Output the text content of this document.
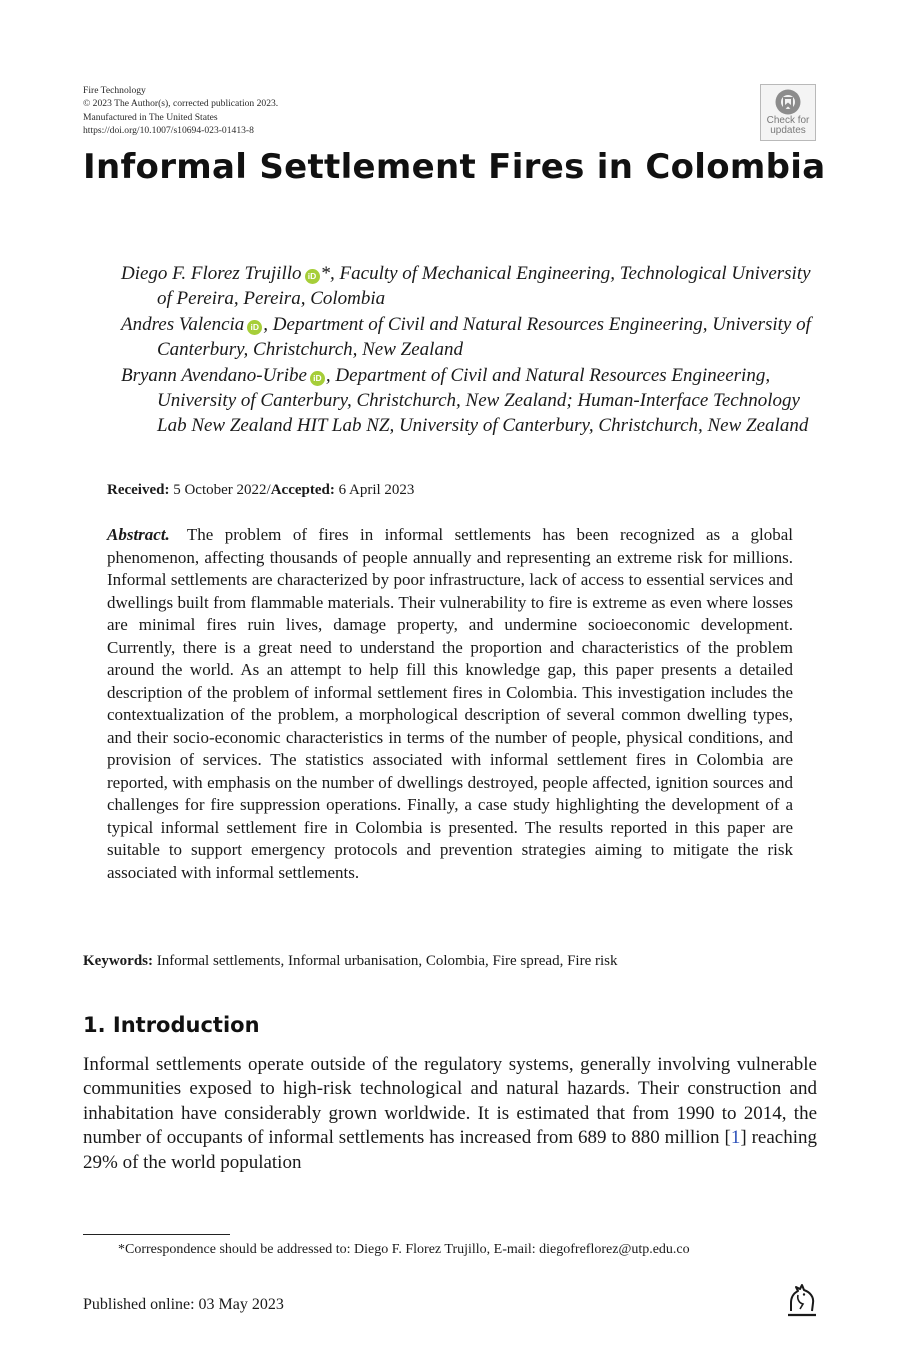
Fire Technology
© 2023 The Author(s), corrected publication 2023.
Manufactured in The United States
https://doi.org/10.1007/s10694-023-01413-8
Check for
updates
Informal Settlement Fires in Colombia
Diego F. Florez Trujillo iD *, Faculty of Mechanical Engineering, Technological University of Pereira, Pereira, Colombia
Andres Valencia iD , Department of Civil and Natural Resources Engineering, University of Canterbury, Christchurch, New Zealand
Bryann Avendano-Uribe iD , Department of Civil and Natural Resources Engineering, University of Canterbury, Christchurch, New Zealand; Human-Interface Technology Lab New Zealand HIT Lab NZ, University of Canterbury, Christchurch, New Zealand
Received: 5 October 2022/Accepted: 6 April 2023

Abstract. The problem of fires in informal settlements has been recognized as a global phenomenon, affecting thousands of people annually and representing an extreme risk for millions. Informal settlements are characterized by poor infrastructure, lack of access to essential services and dwellings built from flammable materials. Their vulnerability to fire is extreme as even where losses are minimal fires ruin lives, damage property, and undermine socioeconomic development. Currently, there is a great need to understand the proportion and characteristics of the problem around the world. As an attempt to help fill this knowledge gap, this paper presents a detailed description of the problem of informal settlement fires in Colombia. This investigation includes the contextualization of the problem, a morphological description of several common dwelling types, and their socio-economic characteristics in terms of the number of people, physical conditions, and provision of services. The statistics associated with informal settlement fires in Colombia are reported, with emphasis on the number of dwellings destroyed, people affected, ignition sources and challenges for fire suppression operations. Finally, a case study highlighting the development of a typical informal settlement fire in Colombia is presented. The results reported in this paper are suitable to support emergency protocols and prevention strategies aiming to mitigate the risk associated with informal settlements.

Keywords: Informal settlements, Informal urbanisation, Colombia, Fire spread, Fire risk
1. Introduction

Informal settlements operate outside of the regulatory systems, generally involving vulnerable communities exposed to high-risk technological and natural hazards. Their construction and inhabitation have considerably grown worldwide. It is estimated that from 1990 to 2014, the number of occupants of informal settlements has increased from 689 to 880 million [1] reaching 29% of the world population

*Correspondence should be addressed to: Diego F. Florez Trujillo, E-mail: diegofreflorez@utp.edu.co
Published online: 03 May 2023
